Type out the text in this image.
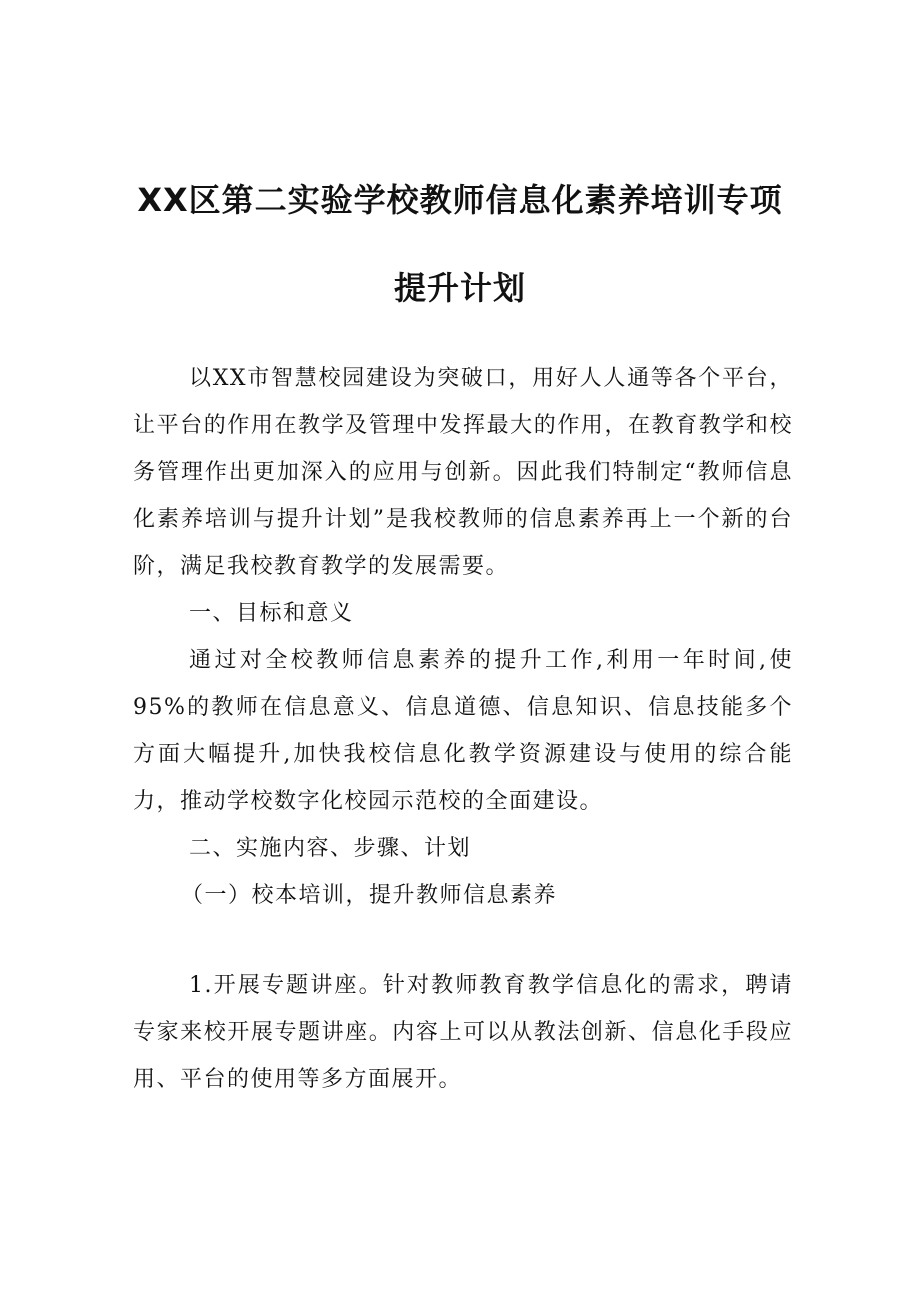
XX区第二实验学校教师信息化素养培训专项
提升计划

以XX市智慧校园建设为突破口，用好人人通等各个平台，让平台的作用在教学及管理中发挥最大的作用，在教育教学和校务管理作出更加深入的应用与创新。因此我们特制定“教师信息化素养培训与提升计划”是我校教师的信息素养再上一个新的台阶，满足我校教育教学的发展需要。

一、目标和意义

通过对全校教师信息素养的提升工作,利用一年时间,使95%的教师在信息意义、信息道德、信息知识、信息技能多个方面大幅提升,加快我校信息化教学资源建设与使用的综合能力，推动学校数字化校园示范校的全面建设。

二、实施内容、步骤、计划

（一）校本培训，提升教师信息素养

1.开展专题讲座。针对教师教育教学信息化的需求，聘请专家来校开展专题讲座。内容上可以从教法创新、信息化手段应用、平台的使用等多方面展开。
